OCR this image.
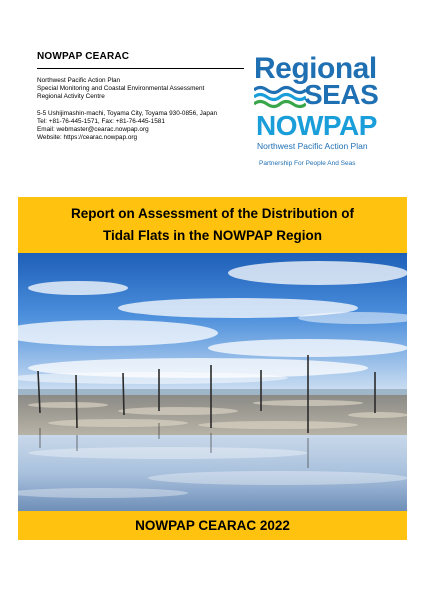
NOWPAP CEARAC
Northwest Pacific Action Plan
Special Monitoring and Coastal Environmental Assessment
Regional Activity Centre
5-5 Ushijimashin-machi, Toyama City, Toyama 930-0856, Japan
Tel: +81-76-445-1571, Fax: +81-76-445-1581
Email: webmaster@cearac.nowpap.org
Website: https://cearac.nowpap.org
Regional
SEAS
NOWPAP
Northwest Pacific Action Plan
Partnership For People And Seas
Report on Assessment of the Distribution of
Tidal Flats in the NOWPAP Region
NOWPAP CEARAC 2022
